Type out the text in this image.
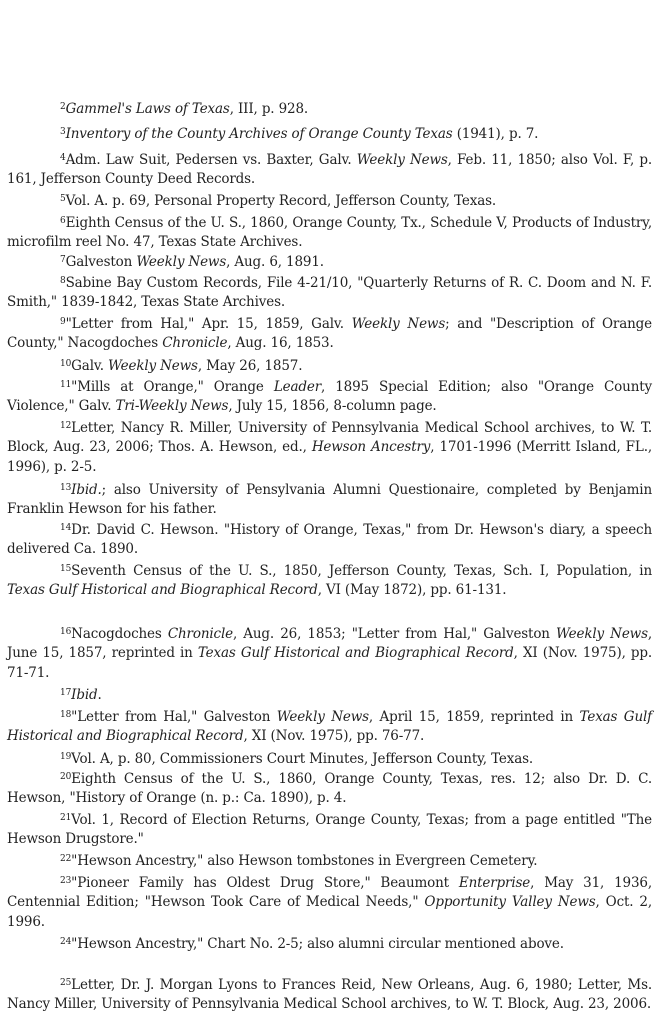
$^2$Gammel's Laws of Texas, III, p. 928.

$^3$Inventory of the County Archives of Orange County Texas (1941), p. 7.

$^4$Adm. Law Suit, Pedersen vs. Baxter, Galv. Weekly News, Feb. 11, 1850; also Vol. F, p. 161, Jefferson County Deed Records.

$^5$Vol. A. p. 69, Personal Property Record, Jefferson County, Texas.

$^6$Eighth Census of the U. S., 1860, Orange County, Tx., Schedule V, Products of Industry, microfilm reel No. 47, Texas State Archives.

$^7$Galveston Weekly News, Aug. 6, 1891.

$^8$Sabine Bay Custom Records, File 4-21/10, "Quarterly Returns of R. C. Doom and N. F. Smith," 1839-1842, Texas State Archives.

$^9$"Letter from Hal," Apr. 15, 1859, Galv. Weekly News; and "Description of Orange County," Nacogdoches Chronicle, Aug. 16, 1853.

$^{10}$Galv. Weekly News, May 26, 1857.

$^{11}$"Mills at Orange," Orange Leader, 1895 Special Edition; also "Orange County Violence," Galv. Tri-Weekly News, July 15, 1856, 8-column page.

$^{12}$Letter, Nancy R. Miller, University of Pennsylvania Medical School archives, to W. T. Block, Aug. 23, 2006; Thos. A. Hewson, ed., Hewson Ancestry, 1701-1996 (Merritt Island, FL., 1996), p. 2-5.

$^{13}$Ibid.; also University of Pensylvania Alumni Questionaire, completed by Benjamin Franklin Hewson for his father.

$^{14}$Dr. David C. Hewson. "History of Orange, Texas," from Dr. Hewson's diary, a speech delivered Ca. 1890.

$^{15}$Seventh Census of the U. S., 1850, Jefferson County, Texas, Sch. I, Population, in Texas Gulf Historical and Biographical Record, VI (May 1872), pp. 61-131.

$^{16}$Nacogdoches Chronicle, Aug. 26, 1853; "Letter from Hal," Galveston Weekly News, June 15, 1857, reprinted in Texas Gulf Historical and Biographical Record, XI (Nov. 1975), pp. 71-71.

$^{17}$Ibid.

$^{18}$"Letter from Hal," Galveston Weekly News, April 15, 1859, reprinted in Texas Gulf Historical and Biographical Record, XI (Nov. 1975), pp. 76-77.

$^{19}$Vol. A, p. 80, Commissioners Court Minutes, Jefferson County, Texas.

$^{20}$Eighth Census of the U. S., 1860, Orange County, Texas, res. 12; also Dr. D. C. Hewson, "History of Orange (n. p.: Ca. 1890), p. 4.

$^{21}$Vol. 1, Record of Election Returns, Orange County, Texas; from a page entitled "The Hewson Drugstore."

$^{22}$"Hewson Ancestry," also Hewson tombstones in Evergreen Cemetery.

$^{23}$"Pioneer Family has Oldest Drug Store," Beaumont Enterprise, May 31, 1936, Centennial Edition; "Hewson Took Care of Medical Needs," Opportunity Valley News, Oct. 2, 1996.

$^{24}$"Hewson Ancestry," Chart No. 2-5; also alumni circular mentioned above.

$^{25}$Letter, Dr. J. Morgan Lyons to Frances Reid, New Orleans, Aug. 6, 1980; Letter, Ms. Nancy Miller, University of Pennsylvania Medical School archives, to W. T. Block, Aug. 23, 2006.
